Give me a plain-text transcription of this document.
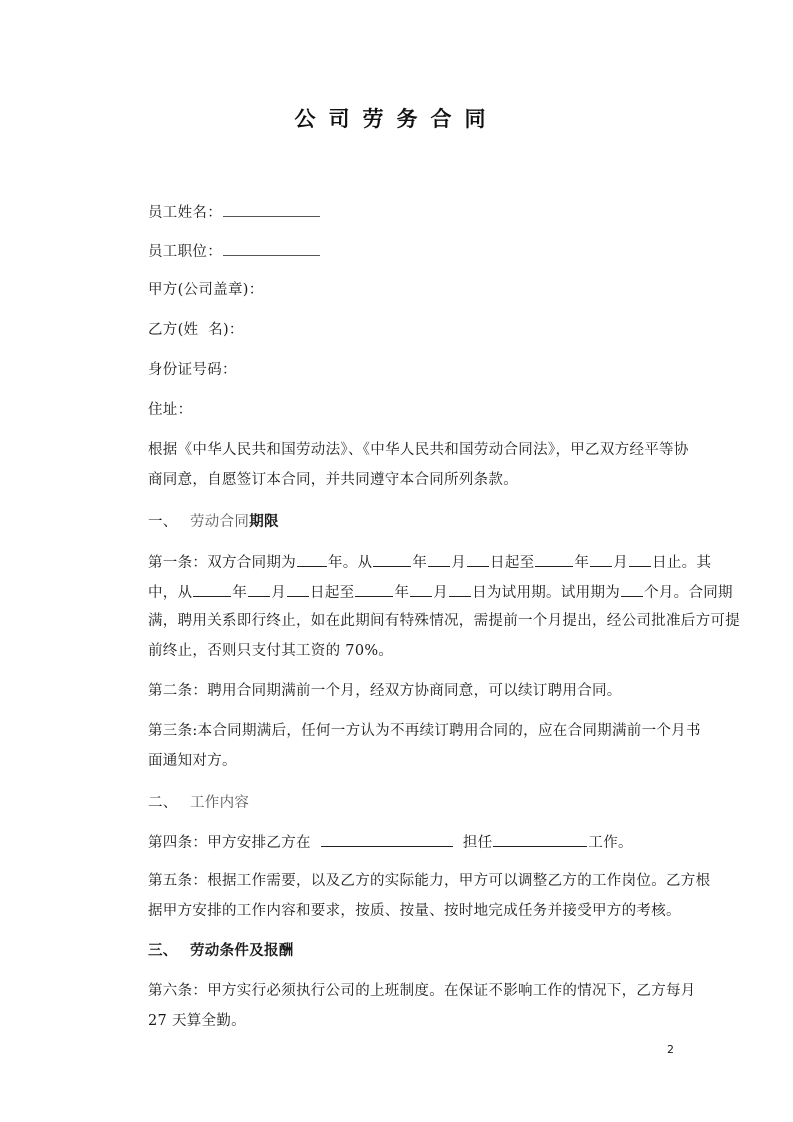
公司劳务合同
员工姓名：
员工职位：
甲方(公司盖章)：
乙方(姓  名)：
身份证号码：
住址：
根据《中华人民共和国劳动法》、《中华人民共和国劳动合同法》，甲乙双方经平等协
商同意，自愿签订本合同，并共同遵守本合同所列条款。
一、 劳动合同期限
第一条：双方合同期为 年。从	年 月 日起至	年 月 日止。其
中，从	年 月 日起至	年 月 日为试用期。试用期为 个月。合同期
满，聘用关系即行终止，如在此期间有特殊情况，需提前一个月提出，经公司批准后方可提
前终止，否则只支付其工资的 70%。
第二条：聘用合同期满前一个月，经双方协商同意，可以续订聘用合同。
第三条:本合同期满后，任何一方认为不再续订聘用合同的，应在合同期满前一个月书
面通知对方。
二、 工作内容
第四条：甲方安排乙方在	担任	工作。
第五条：根据工作需要，以及乙方的实际能力，甲方可以调整乙方的工作岗位。乙方根
据甲方安排的工作内容和要求，按质、按量、按时地完成任务并接受甲方的考核。
三、 劳动条件及报酬
第六条：甲方实行必须执行公司的上班制度。在保证不影响工作的情况下，乙方每月
27 天算全勤。
2
